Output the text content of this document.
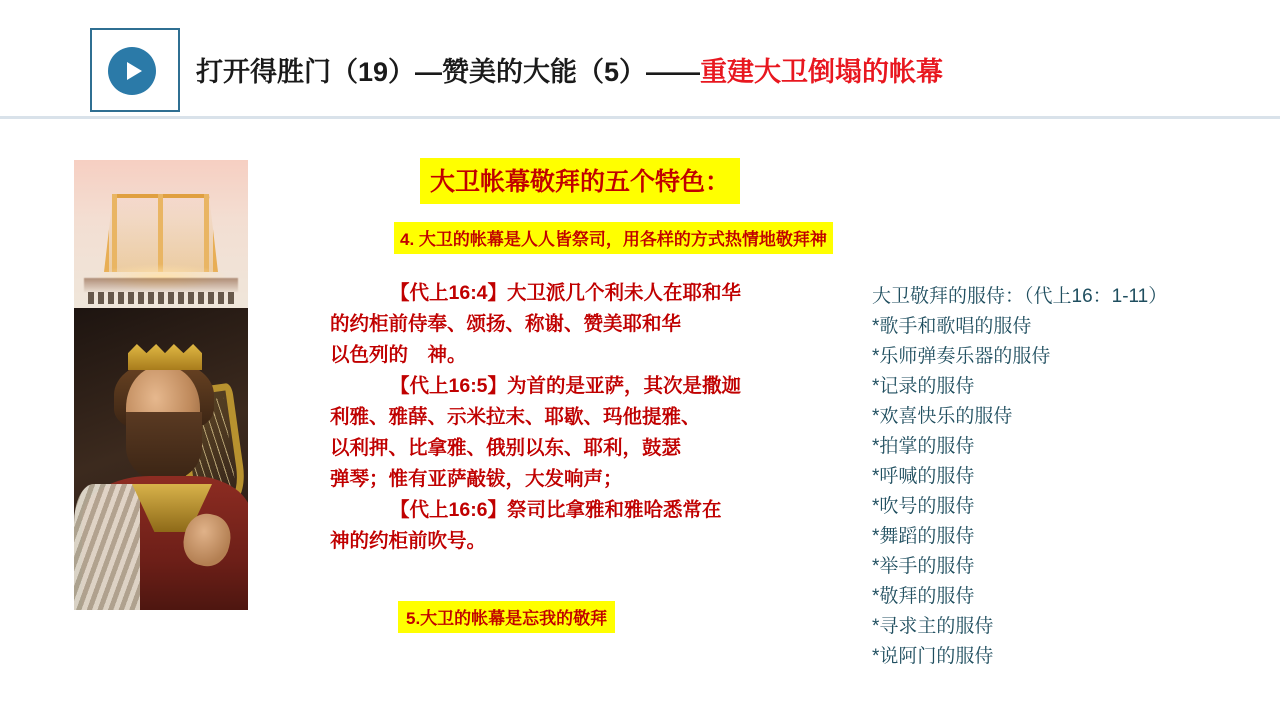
打开得胜门（19）—赞美的大能（5）——重建大卫倒塌的帐幕
大卫帐幕敬拜的五个特色：
4. 大卫的帐幕是人人皆祭司，用各样的方式热情地敬拜神
5.大卫的帐幕是忘我的敬拜
【代上16:4】大卫派几个利未人在耶和华
的约柜前侍奉、颂扬、称谢、赞美耶和华
以色列的　神。
【代上16:5】为首的是亚萨，其次是撒迦
利雅、雅薛、示米拉末、耶歇、玛他提雅、
以利押、比拿雅、俄别以东、耶利，鼓瑟
弹琴；惟有亚萨敲钹，大发响声；
【代上16:6】祭司比拿雅和雅哈悉常在
神的约柜前吹号。
大卫敬拜的服侍：（代上16：1-11）
*歌手和歌唱的服侍
*乐师弹奏乐器的服侍
*记录的服侍
*欢喜快乐的服侍
*拍掌的服侍
*呼喊的服侍
*吹号的服侍
*舞蹈的服侍
*举手的服侍
*敬拜的服侍
*寻求主的服侍
*说阿门的服侍
